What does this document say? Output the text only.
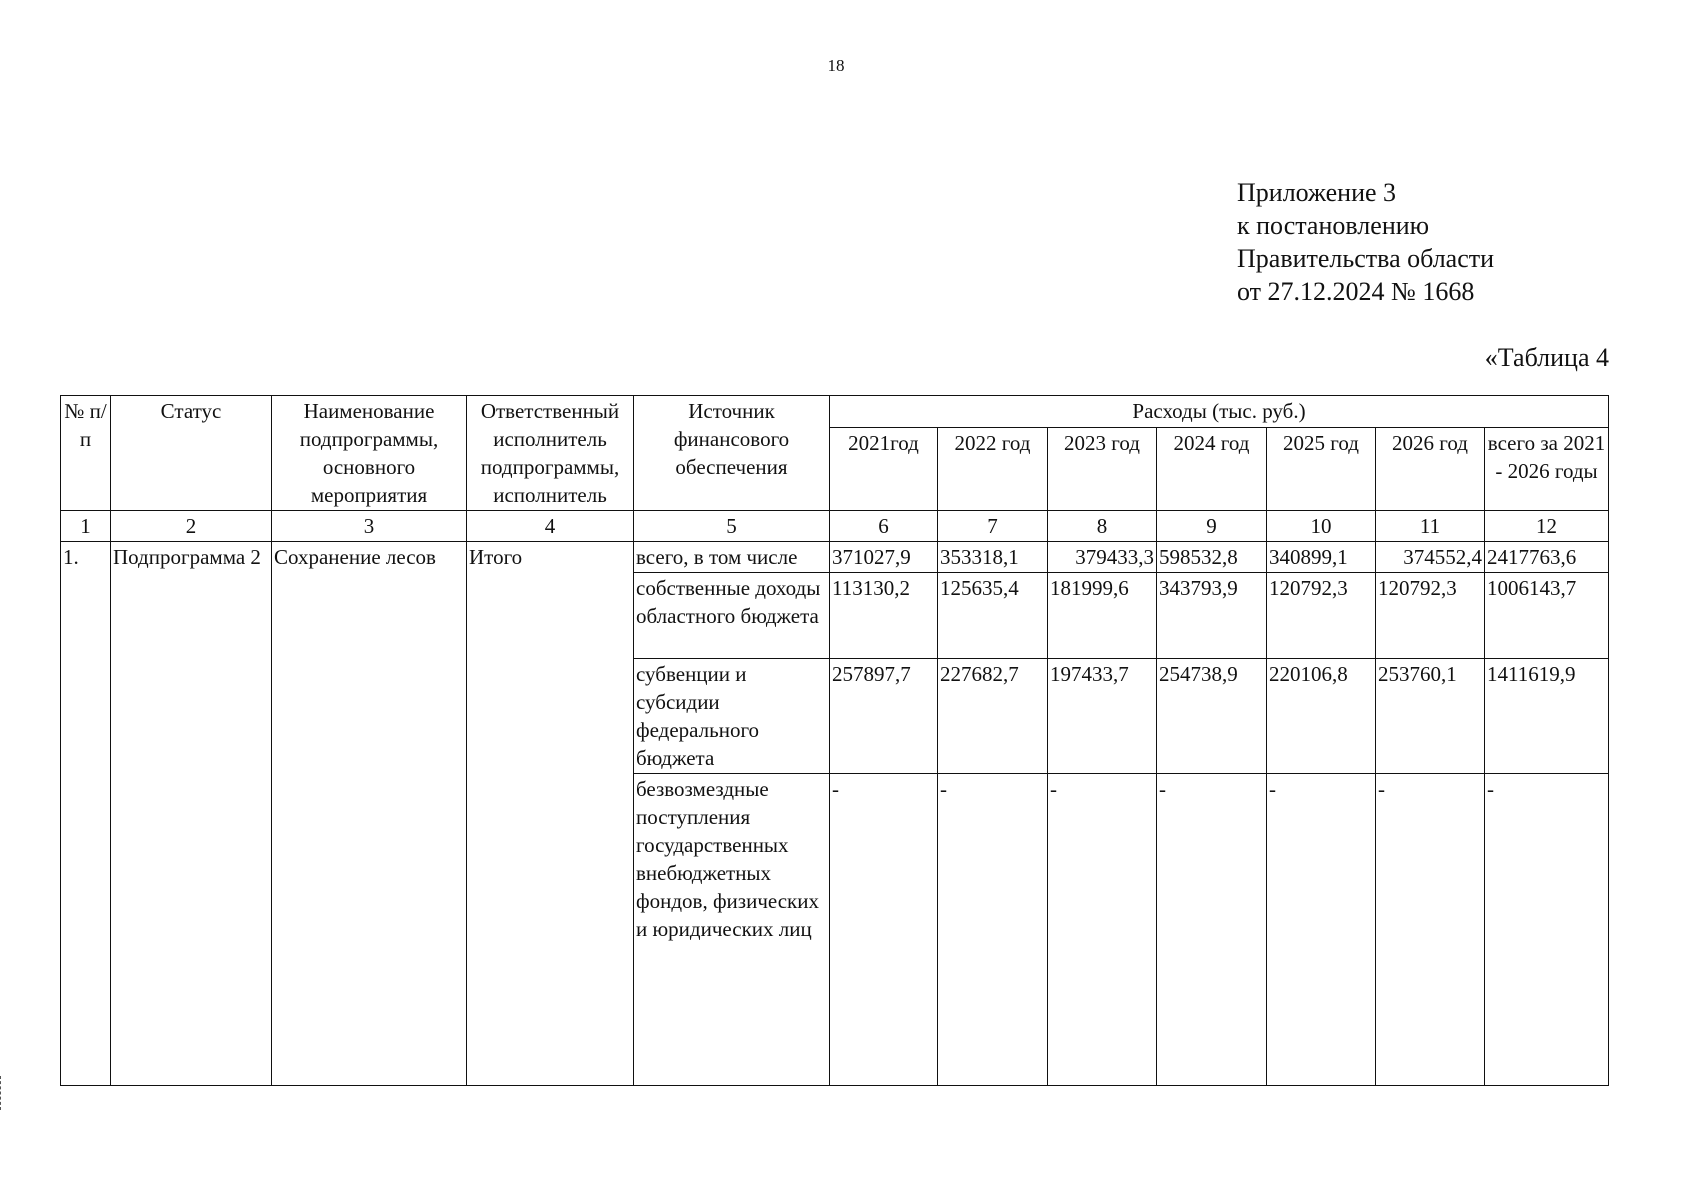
18
Приложение 3
к постановлению
Правительства области
от 27.12.2024 № 1668
«Таблица 4
№ п/п	Статус	Наименование подпрограммы, основного мероприятия	Ответственный исполнитель подпрограммы, исполнитель	Источник финансового обеспечения	Расходы (тыс. руб.)						
					2021год	2022 год	2023 год	2024 год	2025 год	2026 год	всего за 2021 - 2026 годы
1	2	3	4	5	6	7	8	9	10	11	12
1.	Подпрограмма 2	Сохранение лесов	Итого	всего, в том числе	371027,9	353318,1	379433,3	598532,8	340899,1	374552,4	2417763,6
				собственные доходы областного бюджета	113130,2	125635,4	181999,6	343793,9	120792,3	120792,3	1006143,7
				субвенции и субсидии федерального бюджета	257897,7	227682,7	197433,7	254738,9	220106,8	253760,1	1411619,9
				безвозмездные поступления государственных внебюджетных фондов, физических и юридических лиц	-	-	-	-	-	-	-
